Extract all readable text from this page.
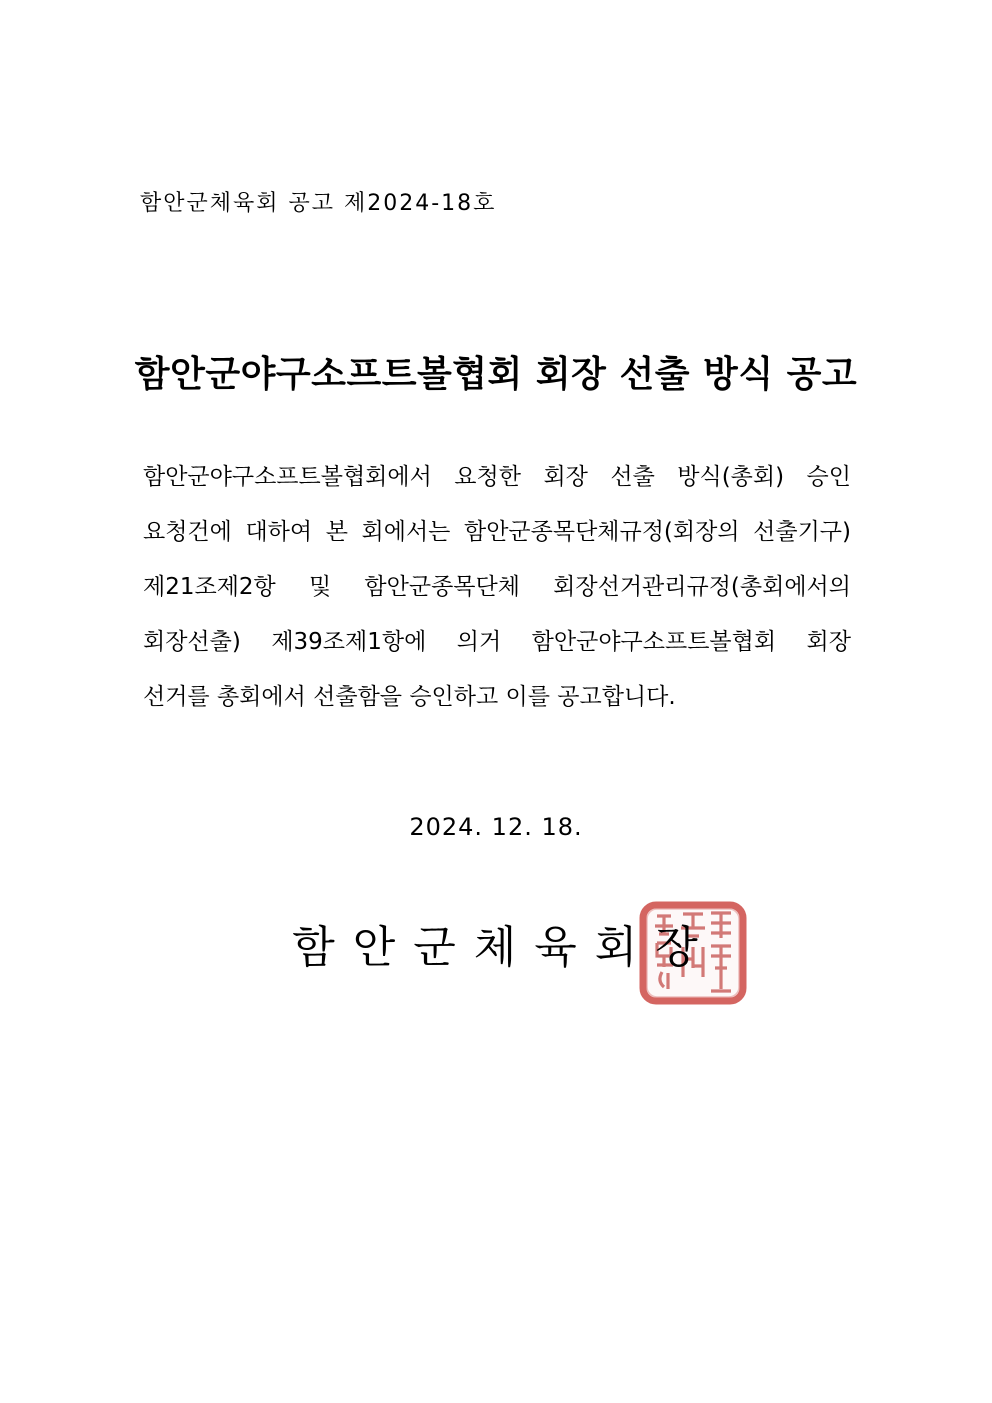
함안군체육회 공고 제2024-18호
함안군야구소프트볼협회 회장 선출 방식 공고
함안군야구소프트볼협회에서 요청한 회장 선출 방식(총회) 승인
요청건에 대하여 본 회에서는 함안군종목단체규정(회장의 선출기구)
제21조제2항 및 함안군종목단체 회장선거관리규정(총회에서의
회장선출) 제39조제1항에 의거 함안군야구소프트볼협회 회장
선거를 총회에서 선출함을 승인하고 이를 공고합니다.
2024. 12. 18.
함 안 군 체 육 회 장
